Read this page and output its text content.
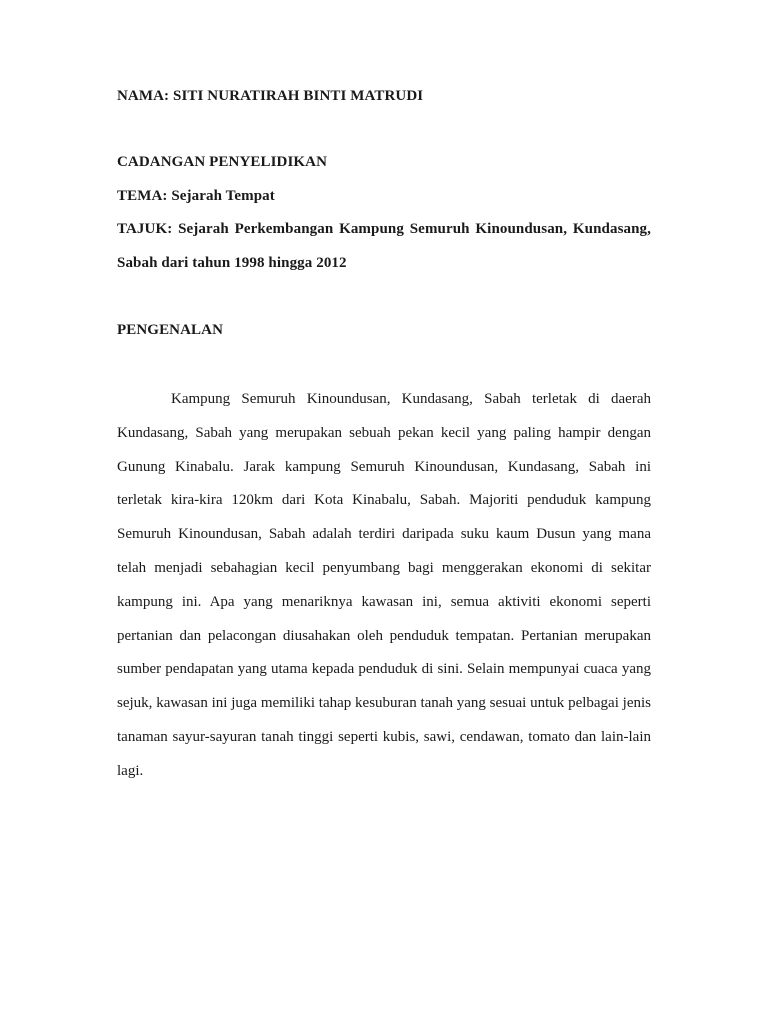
NAMA: SITI NURATIRAH BINTI MATRUDI
CADANGAN PENYELIDIKAN
TEMA: Sejarah Tempat
TAJUK: Sejarah Perkembangan Kampung Semuruh Kinoundusan, Kundasang,
Sabah dari tahun 1998 hingga 2012
PENGENALAN

Kampung Semuruh Kinoundusan, Kundasang, Sabah terletak di daerah Kundasang, Sabah yang merupakan sebuah pekan kecil yang paling hampir dengan Gunung Kinabalu. Jarak kampung Semuruh Kinoundusan, Kundasang, Sabah ini terletak kira-kira 120km dari Kota Kinabalu, Sabah. Majoriti penduduk kampung Semuruh Kinoundusan, Sabah adalah terdiri daripada suku kaum Dusun yang mana telah menjadi sebahagian kecil penyumbang bagi menggerakan ekonomi di sekitar kampung ini. Apa yang menariknya kawasan ini, semua aktiviti ekonomi seperti pertanian dan pelacongan diusahakan oleh penduduk tempatan. Pertanian merupakan sumber pendapatan yang utama kepada penduduk di sini. Selain mempunyai cuaca yang sejuk, kawasan ini juga memiliki tahap kesuburan tanah yang sesuai untuk pelbagai jenis tanaman sayur-sayuran tanah tinggi seperti kubis, sawi, cendawan, tomato dan lain-lain lagi.
